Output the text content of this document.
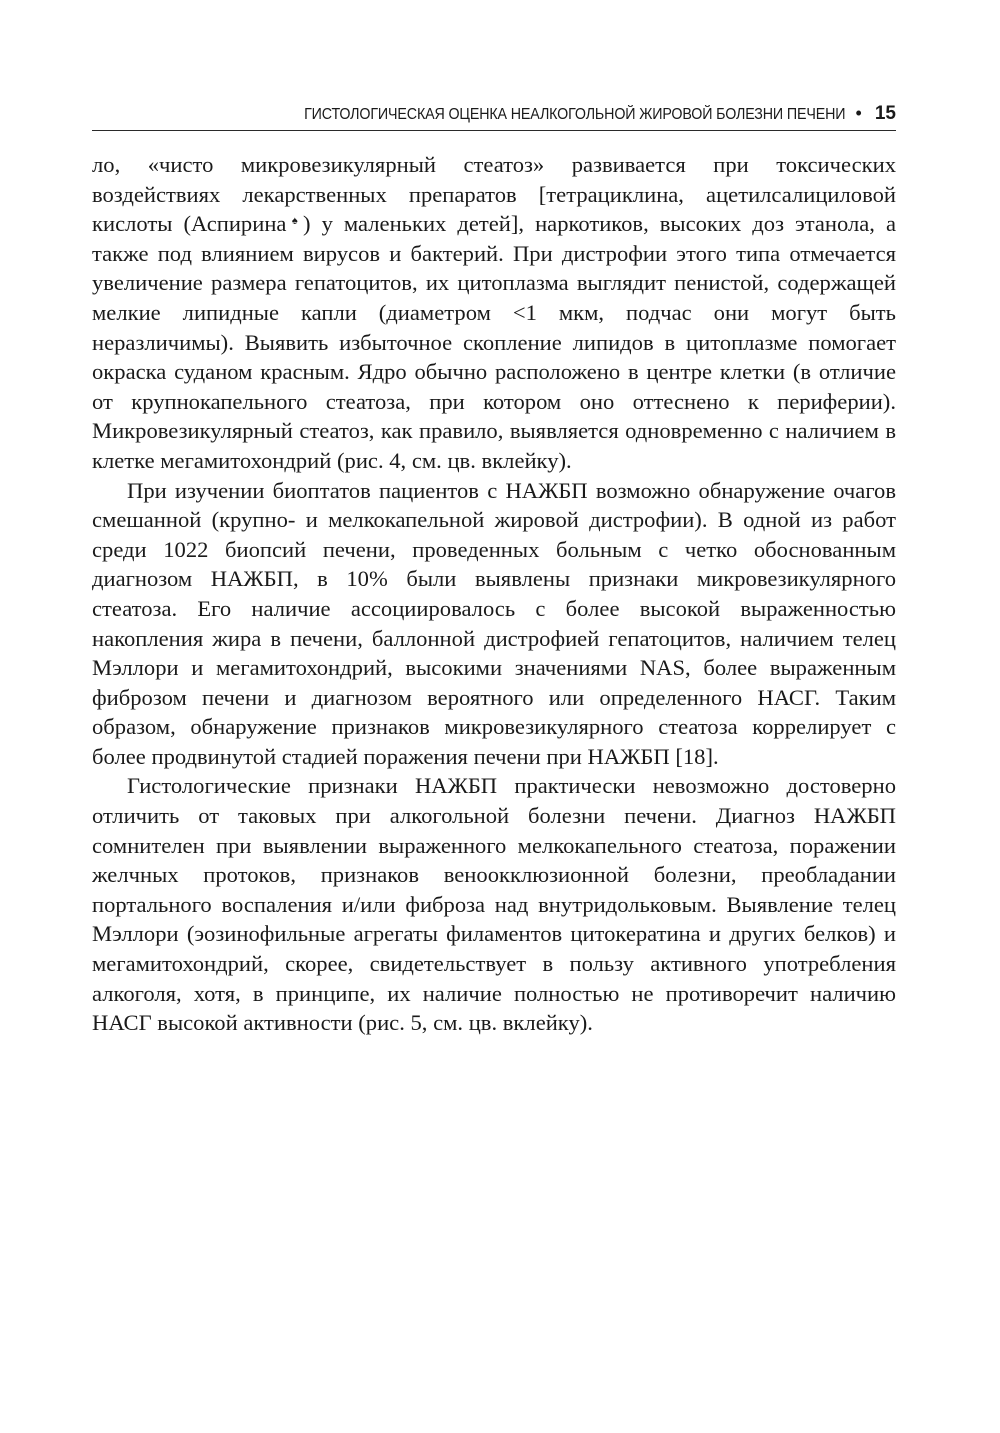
ГИСТОЛОГИЧЕСКАЯ ОЦЕНКА НЕАЛКОГОЛЬНОЙ ЖИРОВОЙ БОЛЕЗНИ ПЕЧЕНИ • 15

ло, «чисто микровезикулярный стеатоз» развивается при токсических воздействиях лекарственных препаратов [тетрациклина, ацетилсалициловой кислоты (Аспирина♠) у маленьких детей], наркотиков, высоких доз этанола, а также под влиянием вирусов и бактерий. При дистрофии этого типа отмечается увеличение размера гепатоцитов, их цитоплазма выглядит пенистой, содержащей мелкие липидные капли (диаметром <1 мкм, подчас они могут быть неразличимы). Выявить избыточное скопление липидов в цитоплазме помогает окраска суданом красным. Ядро обычно расположено в центре клетки (в отличие от крупнокапельного стеатоза, при котором оно оттеснено к периферии). Микровезикулярный стеатоз, как правило, выявляется одновременно с наличием в клетке мегамитохондрий (рис. 4, см. цв. вклейку).

При изучении биоптатов пациентов с НАЖБП возможно обнаружение очагов смешанной (крупно- и мелкокапельной жировой дистрофии). В одной из работ среди 1022 биопсий печени, проведенных больным с четко обоснованным диагнозом НАЖБП, в 10% были выявлены признаки микровезикулярного стеатоза. Его наличие ассоциировалось с более высокой выраженностью накопления жира в печени, баллонной дистрофией гепатоцитов, наличием телец Мэллори и мегамитохондрий, высокими значениями NAS, более выраженным фиброзом печени и диагнозом вероятного или определенного НАСГ. Таким образом, обнаружение признаков микровезикулярного стеатоза коррелирует с более продвинутой стадией поражения печени при НАЖБП [18].

Гистологические признаки НАЖБП практически невозможно достоверно отличить от таковых при алкогольной болезни печени. Диагноз НАЖБП сомнителен при выявлении выраженного мелкокапельного стеатоза, поражении желчных протоков, признаков веноокклюзионной болезни, преобладании портального воспаления и/или фиброза над внутридольковым. Выявление телец Мэллори (эозинофильные агрегаты филаментов цитокератина и других белков) и мегамитохондрий, скорее, свидетельствует в пользу активного употребления алкоголя, хотя, в принципе, их наличие полностью не противоречит наличию НАСГ высокой активности (рис. 5, см. цв. вклейку).
